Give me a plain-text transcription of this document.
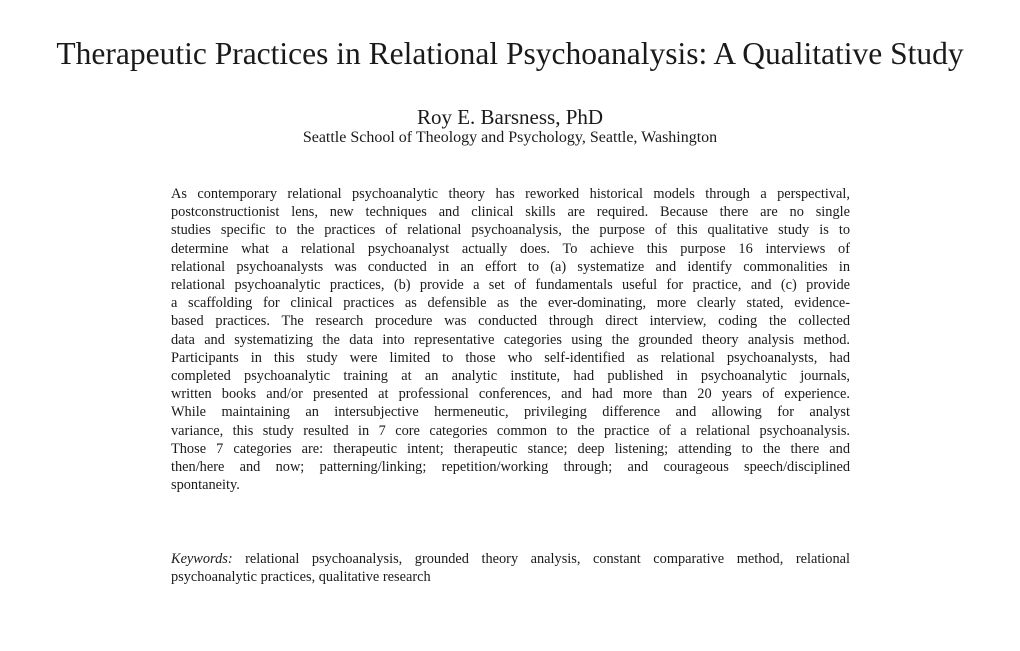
Therapeutic Practices in Relational Psychoanalysis: A Qualitative Study
Roy E. Barsness, PhD
Seattle School of Theology and Psychology, Seattle, Washington
As contemporary relational psychoanalytic theory has reworked historical models through a perspectival,
postconstructionist lens, new techniques and clinical skills are required. Because there are no single
studies specific to the practices of relational psychoanalysis, the purpose of this qualitative study is to
determine what a relational psychoanalyst actually does. To achieve this purpose 16 interviews of
relational psychoanalysts was conducted in an effort to (a) systematize and identify commonalities in
relational psychoanalytic practices, (b) provide a set of fundamentals useful for practice, and (c) provide
a scaffolding for clinical practices as defensible as the ever-dominating, more clearly stated, evidence-
based practices. The research procedure was conducted through direct interview, coding the collected
data and systematizing the data into representative categories using the grounded theory analysis method.
Participants in this study were limited to those who self-identified as relational psychoanalysts, had
completed psychoanalytic training at an analytic institute, had published in psychoanalytic journals,
written books and/or presented at professional conferences, and had more than 20 years of experience.
While maintaining an intersubjective hermeneutic, privileging difference and allowing for analyst
variance, this study resulted in 7 core categories common to the practice of a relational psychoanalysis.
Those 7 categories are: therapeutic intent; therapeutic stance; deep listening; attending to the there and
then/here and now; patterning/linking; repetition/working through; and courageous speech/disciplined
spontaneity.
Keywords: relational psychoanalysis, grounded theory analysis, constant comparative method, relational
psychoanalytic practices, qualitative research
